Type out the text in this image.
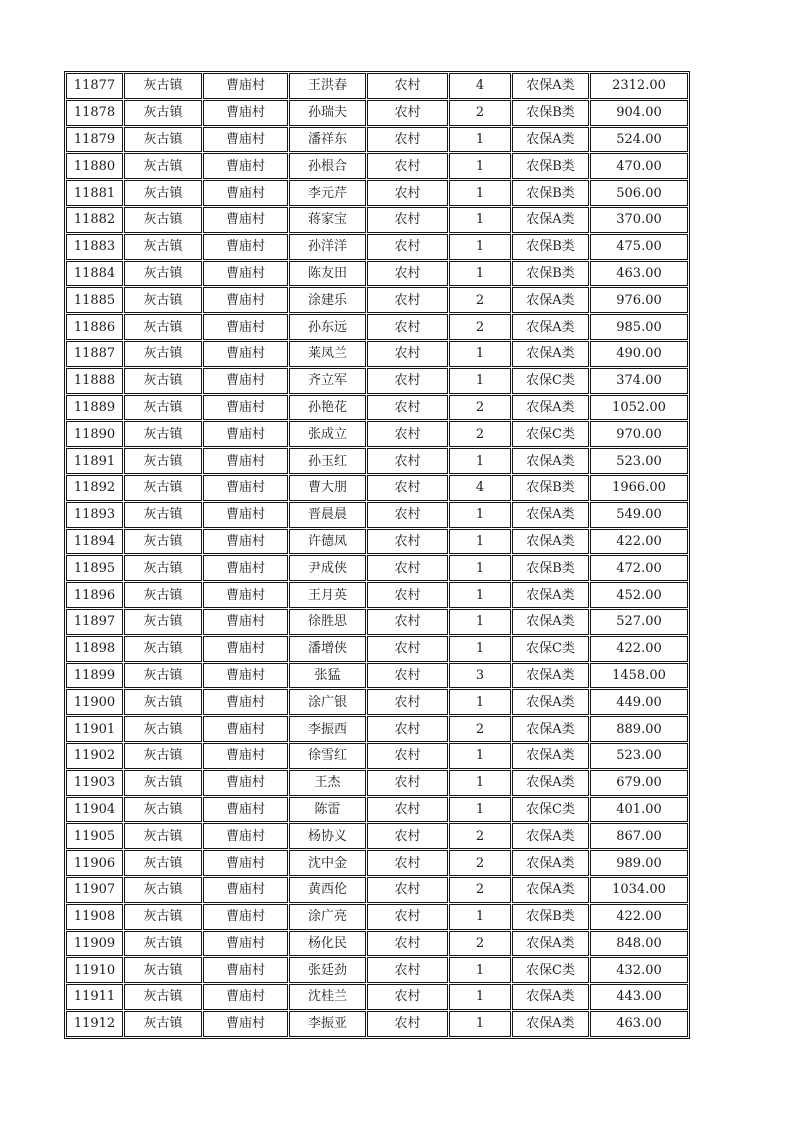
11877	灰古镇	曹庙村	王洪春	农村	4	农保A类	2312.00
11878	灰古镇	曹庙村	孙瑞夫	农村	2	农保B类	904.00
11879	灰古镇	曹庙村	潘祥东	农村	1	农保A类	524.00
11880	灰古镇	曹庙村	孙根合	农村	1	农保B类	470.00
11881	灰古镇	曹庙村	李元芹	农村	1	农保B类	506.00
11882	灰古镇	曹庙村	蒋家宝	农村	1	农保A类	370.00
11883	灰古镇	曹庙村	孙洋洋	农村	1	农保B类	475.00
11884	灰古镇	曹庙村	陈友田	农村	1	农保B类	463.00
11885	灰古镇	曹庙村	涂建乐	农村	2	农保A类	976.00
11886	灰古镇	曹庙村	孙东远	农村	2	农保A类	985.00
11887	灰古镇	曹庙村	莱凤兰	农村	1	农保A类	490.00
11888	灰古镇	曹庙村	齐立军	农村	1	农保C类	374.00
11889	灰古镇	曹庙村	孙艳花	农村	2	农保A类	1052.00
11890	灰古镇	曹庙村	张成立	农村	2	农保C类	970.00
11891	灰古镇	曹庙村	孙玉红	农村	1	农保A类	523.00
11892	灰古镇	曹庙村	曹大朋	农村	4	农保B类	1966.00
11893	灰古镇	曹庙村	晋晨晨	农村	1	农保A类	549.00
11894	灰古镇	曹庙村	许德凤	农村	1	农保A类	422.00
11895	灰古镇	曹庙村	尹成侠	农村	1	农保B类	472.00
11896	灰古镇	曹庙村	王月英	农村	1	农保A类	452.00
11897	灰古镇	曹庙村	徐胜思	农村	1	农保A类	527.00
11898	灰古镇	曹庙村	潘增侠	农村	1	农保C类	422.00
11899	灰古镇	曹庙村	张猛	农村	3	农保A类	1458.00
11900	灰古镇	曹庙村	涂广银	农村	1	农保A类	449.00
11901	灰古镇	曹庙村	李振西	农村	2	农保A类	889.00
11902	灰古镇	曹庙村	徐雪红	农村	1	农保A类	523.00
11903	灰古镇	曹庙村	王杰	农村	1	农保A类	679.00
11904	灰古镇	曹庙村	陈雷	农村	1	农保C类	401.00
11905	灰古镇	曹庙村	杨协义	农村	2	农保A类	867.00
11906	灰古镇	曹庙村	沈中金	农村	2	农保A类	989.00
11907	灰古镇	曹庙村	黄西伦	农村	2	农保A类	1034.00
11908	灰古镇	曹庙村	涂广亮	农村	1	农保B类	422.00
11909	灰古镇	曹庙村	杨化民	农村	2	农保A类	848.00
11910	灰古镇	曹庙村	张廷劲	农村	1	农保C类	432.00
11911	灰古镇	曹庙村	沈桂兰	农村	1	农保A类	443.00
11912	灰古镇	曹庙村	李振亚	农村	1	农保A类	463.00
